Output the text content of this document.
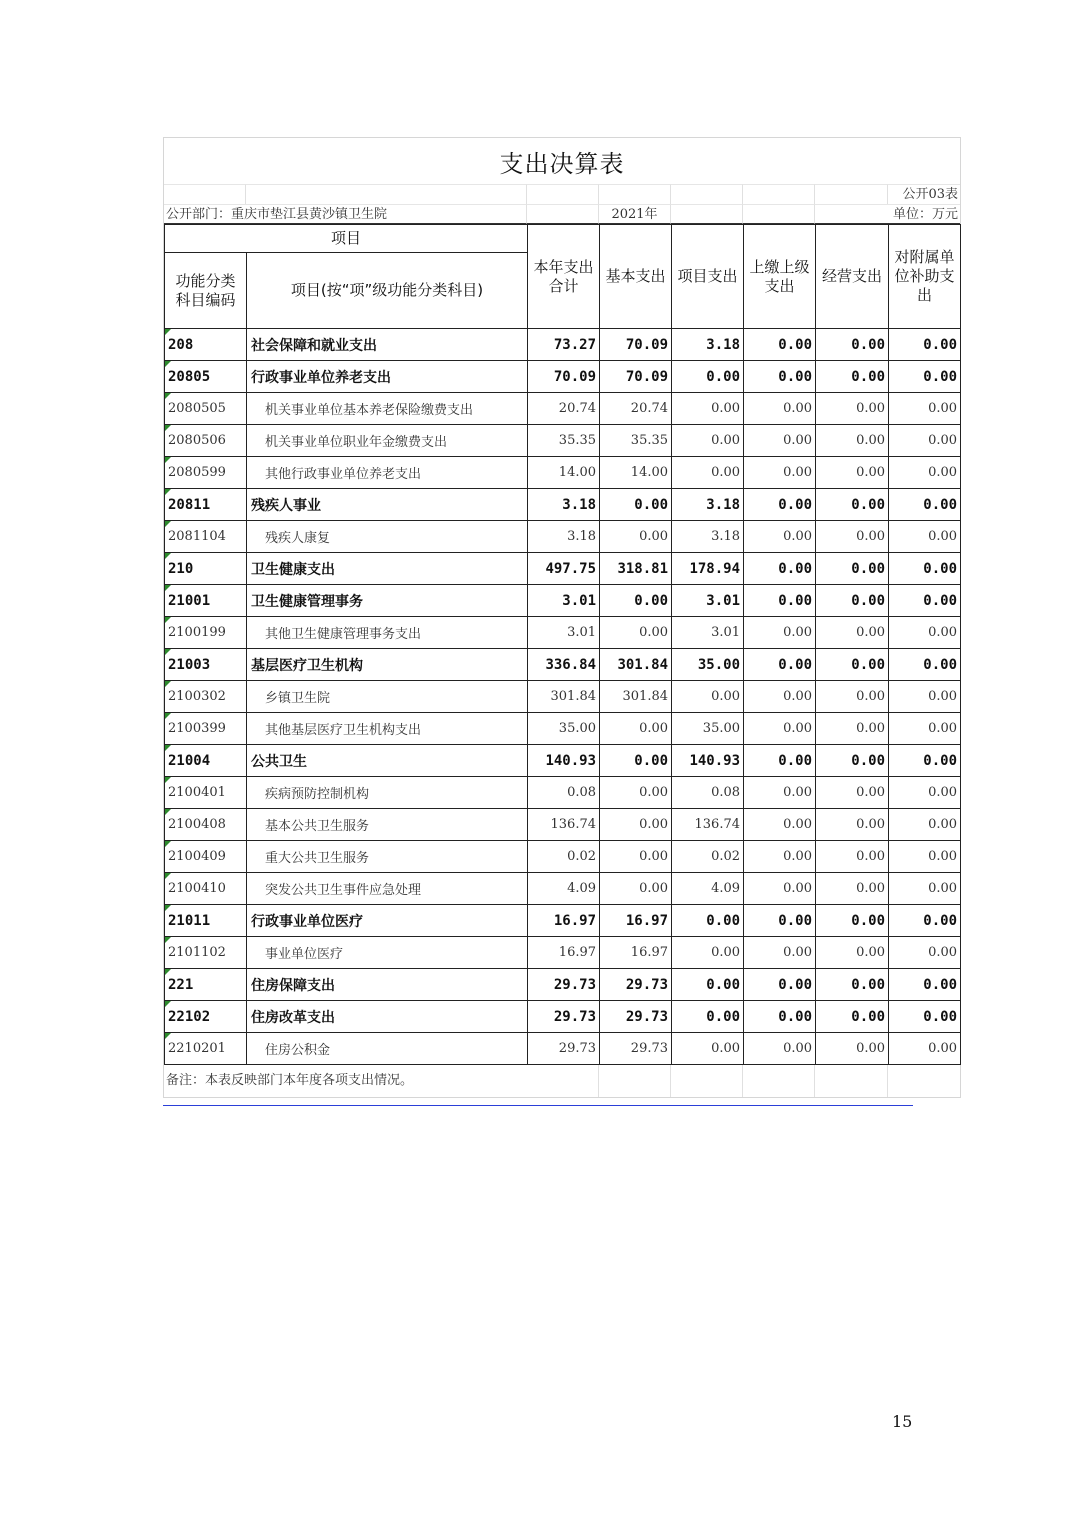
支出决算表
公开03表
公开部门：重庆市垫江县黄沙镇卫生院	2021年	单位：万元
项目		本年支出合计	基本支出	项目支出	上缴上级支出	经营支出	对附属单位补助支出
功能分类科目编码	项目(按“项”级功能分类科目)						
208	社会保障和就业支出	73.27	70.09	3.18	0.00	0.00	0.00
20805	行政事业单位养老支出	70.09	70.09	0.00	0.00	0.00	0.00
2080505	机关事业单位基本养老保险缴费支出	20.74	20.74	0.00	0.00	0.00	0.00
2080506	机关事业单位职业年金缴费支出	35.35	35.35	0.00	0.00	0.00	0.00
2080599	其他行政事业单位养老支出	14.00	14.00	0.00	0.00	0.00	0.00
20811	残疾人事业	3.18	0.00	3.18	0.00	0.00	0.00
2081104	残疾人康复	3.18	0.00	3.18	0.00	0.00	0.00
210	卫生健康支出	497.75	318.81	178.94	0.00	0.00	0.00
21001	卫生健康管理事务	3.01	0.00	3.01	0.00	0.00	0.00
2100199	其他卫生健康管理事务支出	3.01	0.00	3.01	0.00	0.00	0.00
21003	基层医疗卫生机构	336.84	301.84	35.00	0.00	0.00	0.00
2100302	乡镇卫生院	301.84	301.84	0.00	0.00	0.00	0.00
2100399	其他基层医疗卫生机构支出	35.00	0.00	35.00	0.00	0.00	0.00
21004	公共卫生	140.93	0.00	140.93	0.00	0.00	0.00
2100401	疾病预防控制机构	0.08	0.00	0.08	0.00	0.00	0.00
2100408	基本公共卫生服务	136.74	0.00	136.74	0.00	0.00	0.00
2100409	重大公共卫生服务	0.02	0.00	0.02	0.00	0.00	0.00
2100410	突发公共卫生事件应急处理	4.09	0.00	4.09	0.00	0.00	0.00
21011	行政事业单位医疗	16.97	16.97	0.00	0.00	0.00	0.00
2101102	事业单位医疗	16.97	16.97	0.00	0.00	0.00	0.00
221	住房保障支出	29.73	29.73	0.00	0.00	0.00	0.00
22102	住房改革支出	29.73	29.73	0.00	0.00	0.00	0.00
2210201	住房公积金	29.73	29.73	0.00	0.00	0.00	0.00
备注：本表反映部门本年度各项支出情况。
15
